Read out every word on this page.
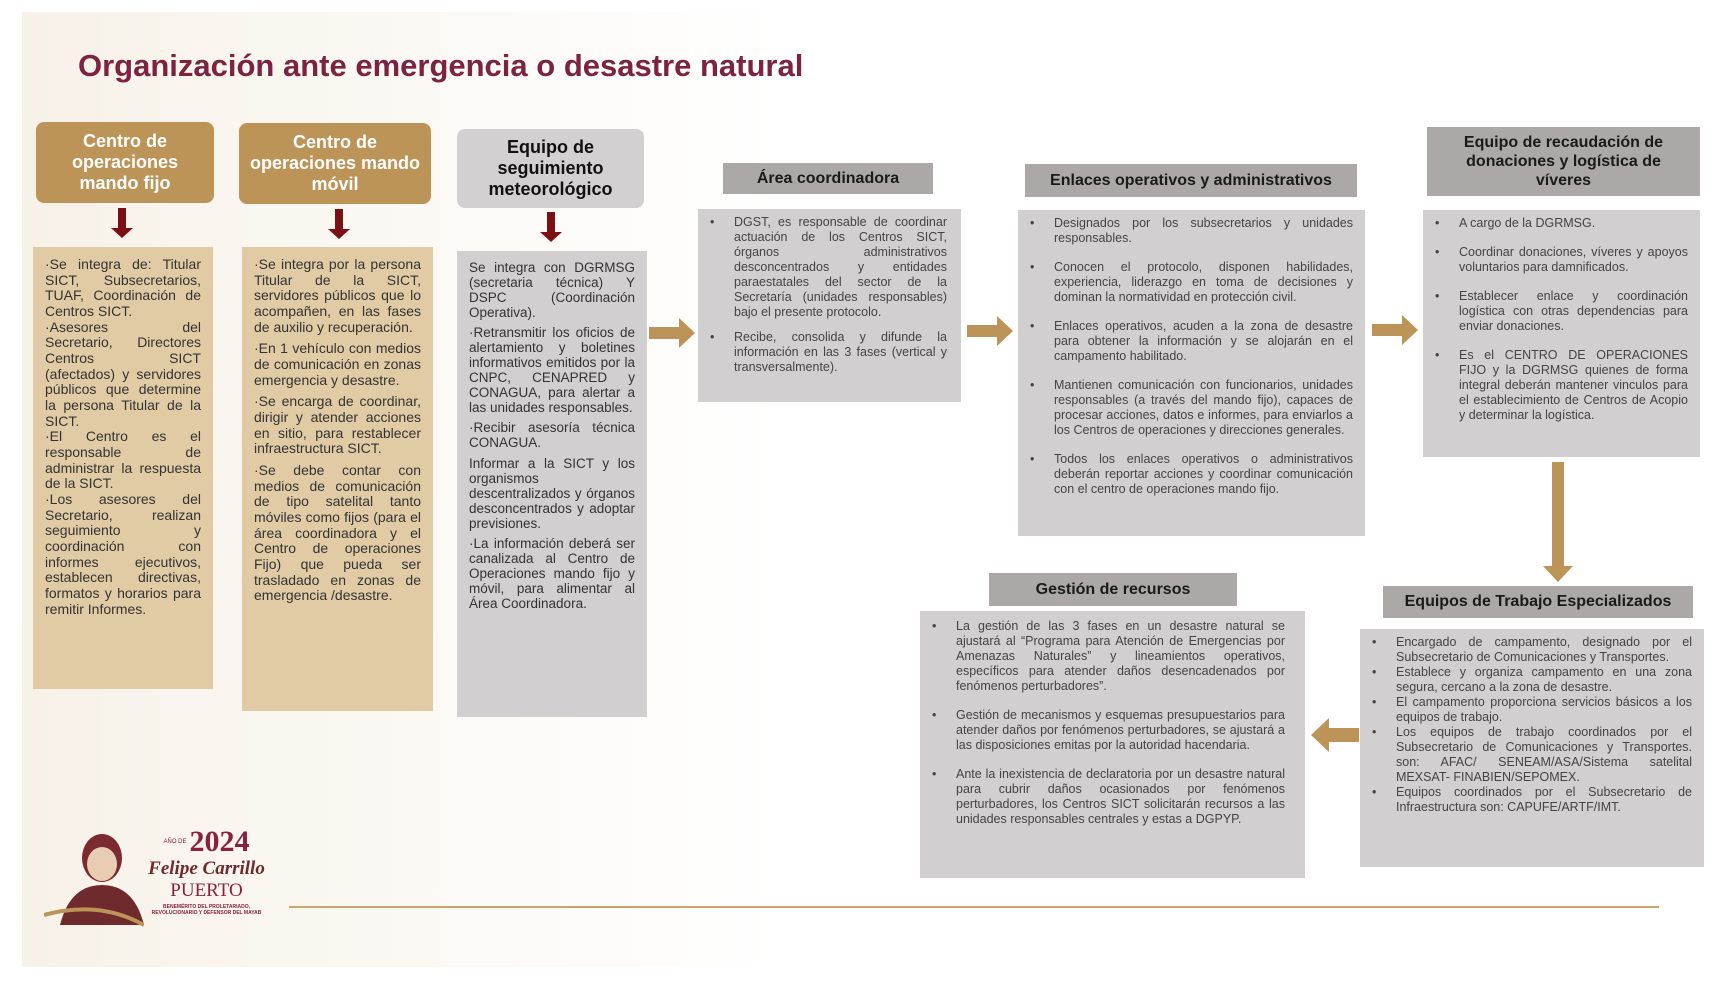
Organización ante emergencia o desastre natural
Centro de operaciones mando fijo

·Se integra de: Titular SICT, Subsecretarios, TUAF, Coordinación de Centros SICT.

·Asesores del Secretario, Directores Centros SICT (afectados) y servidores públicos que determine la persona Titular de la SICT.

·El Centro es el responsable de administrar la respuesta de la SICT.

·Los asesores del Secretario, realizan seguimiento y coordinación con informes ejecutivos, establecen directivas, formatos y horarios para remitir Informes.

Centro de operaciones mando móvil

·Se integra por la persona Titular de la SICT, servidores públicos que lo acompañen, en las fases de auxilio y recuperación.

·En 1 vehículo con medios de comunicación en zonas emergencia y desastre.

·Se encarga de coordinar, dirigir y atender acciones en sitio, para restablecer infraestructura SICT.

·Se debe contar con medios de comunicación de tipo satelital tanto móviles como fijos (para el área coordinadora y el Centro de operaciones Fijo) que pueda ser trasladado en zonas de emergencia /desastre.

Equipo de seguimiento meteorológico

Se integra con DGRMSG (secretaria técnica) Y DSPC (Coordinación Operativa).

·Retransmitir los oficios de alertamiento y boletines informativos emitidos por la CNPC, CENAPRED y CONAGUA, para alertar a las unidades responsables.

·Recibir asesoría técnica CONAGUA.

Informar a la SICT y los organismos descentralizados y órganos desconcentrados y adoptar previsiones.

·La información deberá ser canalizada al Centro de Operaciones mando fijo y móvil, para alimentar al Área Coordinadora.

Área coordinadora
• DGST, es responsable de coordinar actuación de los Centros SICT, órganos administrativos desconcentrados y entidades paraestatales del sector de la Secretaría (unidades responsables) bajo el presente protocolo.
• Recibe, consolida y difunde la información en las 3 fases (vertical y transversalmente).
Enlaces operativos y administrativos
• Designados por los subsecretarios y unidades responsables.
• Conocen el protocolo, disponen habilidades, experiencia, liderazgo en toma de decisiones y dominan la normatividad en protección civil.
• Enlaces operativos, acuden a la zona de desastre para obtener la información y se alojarán en el campamento habilitado.
• Mantienen comunicación con funcionarios, unidades responsables (a través del mando fijo), capaces de procesar acciones, datos e informes, para enviarlos a los Centros de operaciones y direcciones generales.
• Todos los enlaces operativos o administrativos deberán reportar acciones y coordinar comunicación con el centro de operaciones mando fijo.
Equipo de recaudación de donaciones y logística de víveres
• A cargo de la DGRMSG.
• Coordinar donaciones, víveres y apoyos voluntarios para damnificados.
• Establecer enlace y coordinación logística con otras dependencias para enviar donaciones.
• Es el CENTRO DE OPERACIONES FIJO y la DGRMSG quienes de forma integral deberán mantener vinculos para el establecimiento de Centros de Acopio y determinar la logística.
Equipos de Trabajo Especializados
• Encargado de campamento, designado por el Subsecretario de Comunicaciones y Transportes.
• Establece y organiza campamento en una zona segura, cercano a la zona de desastre.
• El campamento proporciona servicios básicos a los equipos de trabajo.
• Los equipos de trabajo coordinados por el Subsecretario de Comunicaciones y Transportes. son: AFAC/ SENEAM/ASA/Sistema satelital MEXSAT- FINABIEN/SEPOMEX.
• Equipos coordinados por el Subsecretario de Infraestructura son: CAPUFE/ARTF/IMT.
Gestión de recursos
• La gestión de las 3 fases en un desastre natural se ajustará al “Programa para Atención de Emergencias por Amenazas Naturales” y lineamientos operativos, específicos para atender daños desencadenados por fenómenos perturbadores”.
• Gestión de mecanismos y esquemas presupuestarios para atender daños por fenómenos perturbadores, se ajustará a las disposiciones emitas por la autoridad hacendaria.
• Ante la inexistencia de declaratoria por un desastre natural para cubrir daños ocasionados por fenómenos perturbadores, los Centros SICT solicitarán recursos a las unidades responsables centrales y estas a DGPYP.
AÑO DE 2024
Felipe Carrillo
PUERTO
BENEMÉRITO DEL PROLETARIADO, REVOLUCIONARIO Y DEFENSOR DEL MAYAB
